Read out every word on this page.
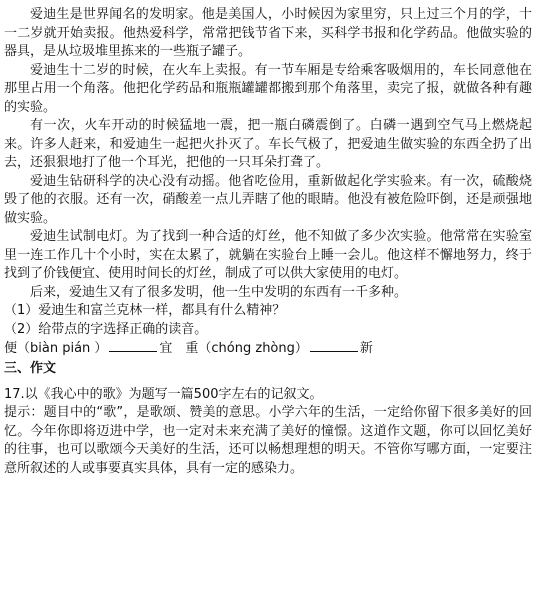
爱迪生是世界闻名的发明家。他是美国人，小时候因为家里穷，只上过三个月的学，十一二岁就开始卖报。他热爱科学，常常把钱节省下来，买科学书报和化学药品。他做实验的器具，是从垃圾堆里拣来的一些瓶子罐子。

爱迪生十二岁的时候，在火车上卖报。有一节车厢是专给乘客吸烟用的，车长同意他在那里占用一个角落。他把化学药品和瓶瓶罐罐都搬到那个角落里，卖完了报，就做各种有趣的实验。

有一次，火车开动的时候猛地一震，把一瓶白磷震倒了。白磷一遇到空气马上燃烧起来。许多人赶来，和爱迪生一起把火扑灭了。车长气极了，把爱迪生做实验的东西全扔了出去，还狠狠地打了他一个耳光，把他的一只耳朵打聋了。

爱迪生钻研科学的决心没有动摇。他省吃俭用，重新做起化学实验来。有一次，硫酸烧毁了他的衣服。还有一次，硝酸差一点儿弄瞎了他的眼睛。他没有被危险吓倒，还是顽强地做实验。

爱迪生试制电灯。为了找到一种合适的灯丝，他不知做了多少次实验。他常常在实验室里一连工作几十个小时，实在太累了，就躺在实验台上睡一会儿。他这样不懈地努力，终于找到了价钱便宜、使用时间长的灯丝，制成了可以供大家使用的电灯。

后来，爱迪生又有了很多发明，他一生中发明的东西有一千多种。

（1）爱迪生和富兰克林一样，都具有什么精神？

（2）给带点的字选择正确的读音。

便（biàn pián ）	宜　重（chóng zhòng）	新

三、作文

17.以《我心中的歌》为题写一篇500字左右的记叙文。

提示：题目中的“歌”，是歌颂、赞美的意思。小学六年的生活，一定给你留下很多美好的回忆。今年你即将迈进中学，也一定对未来充满了美好的憧憬。这道作文题，你可以回忆美好的往事，也可以歌颂今天美好的生活，还可以畅想理想的明天。不管你写哪方面，一定要注意所叙述的人或事要真实具体，具有一定的感染力。
